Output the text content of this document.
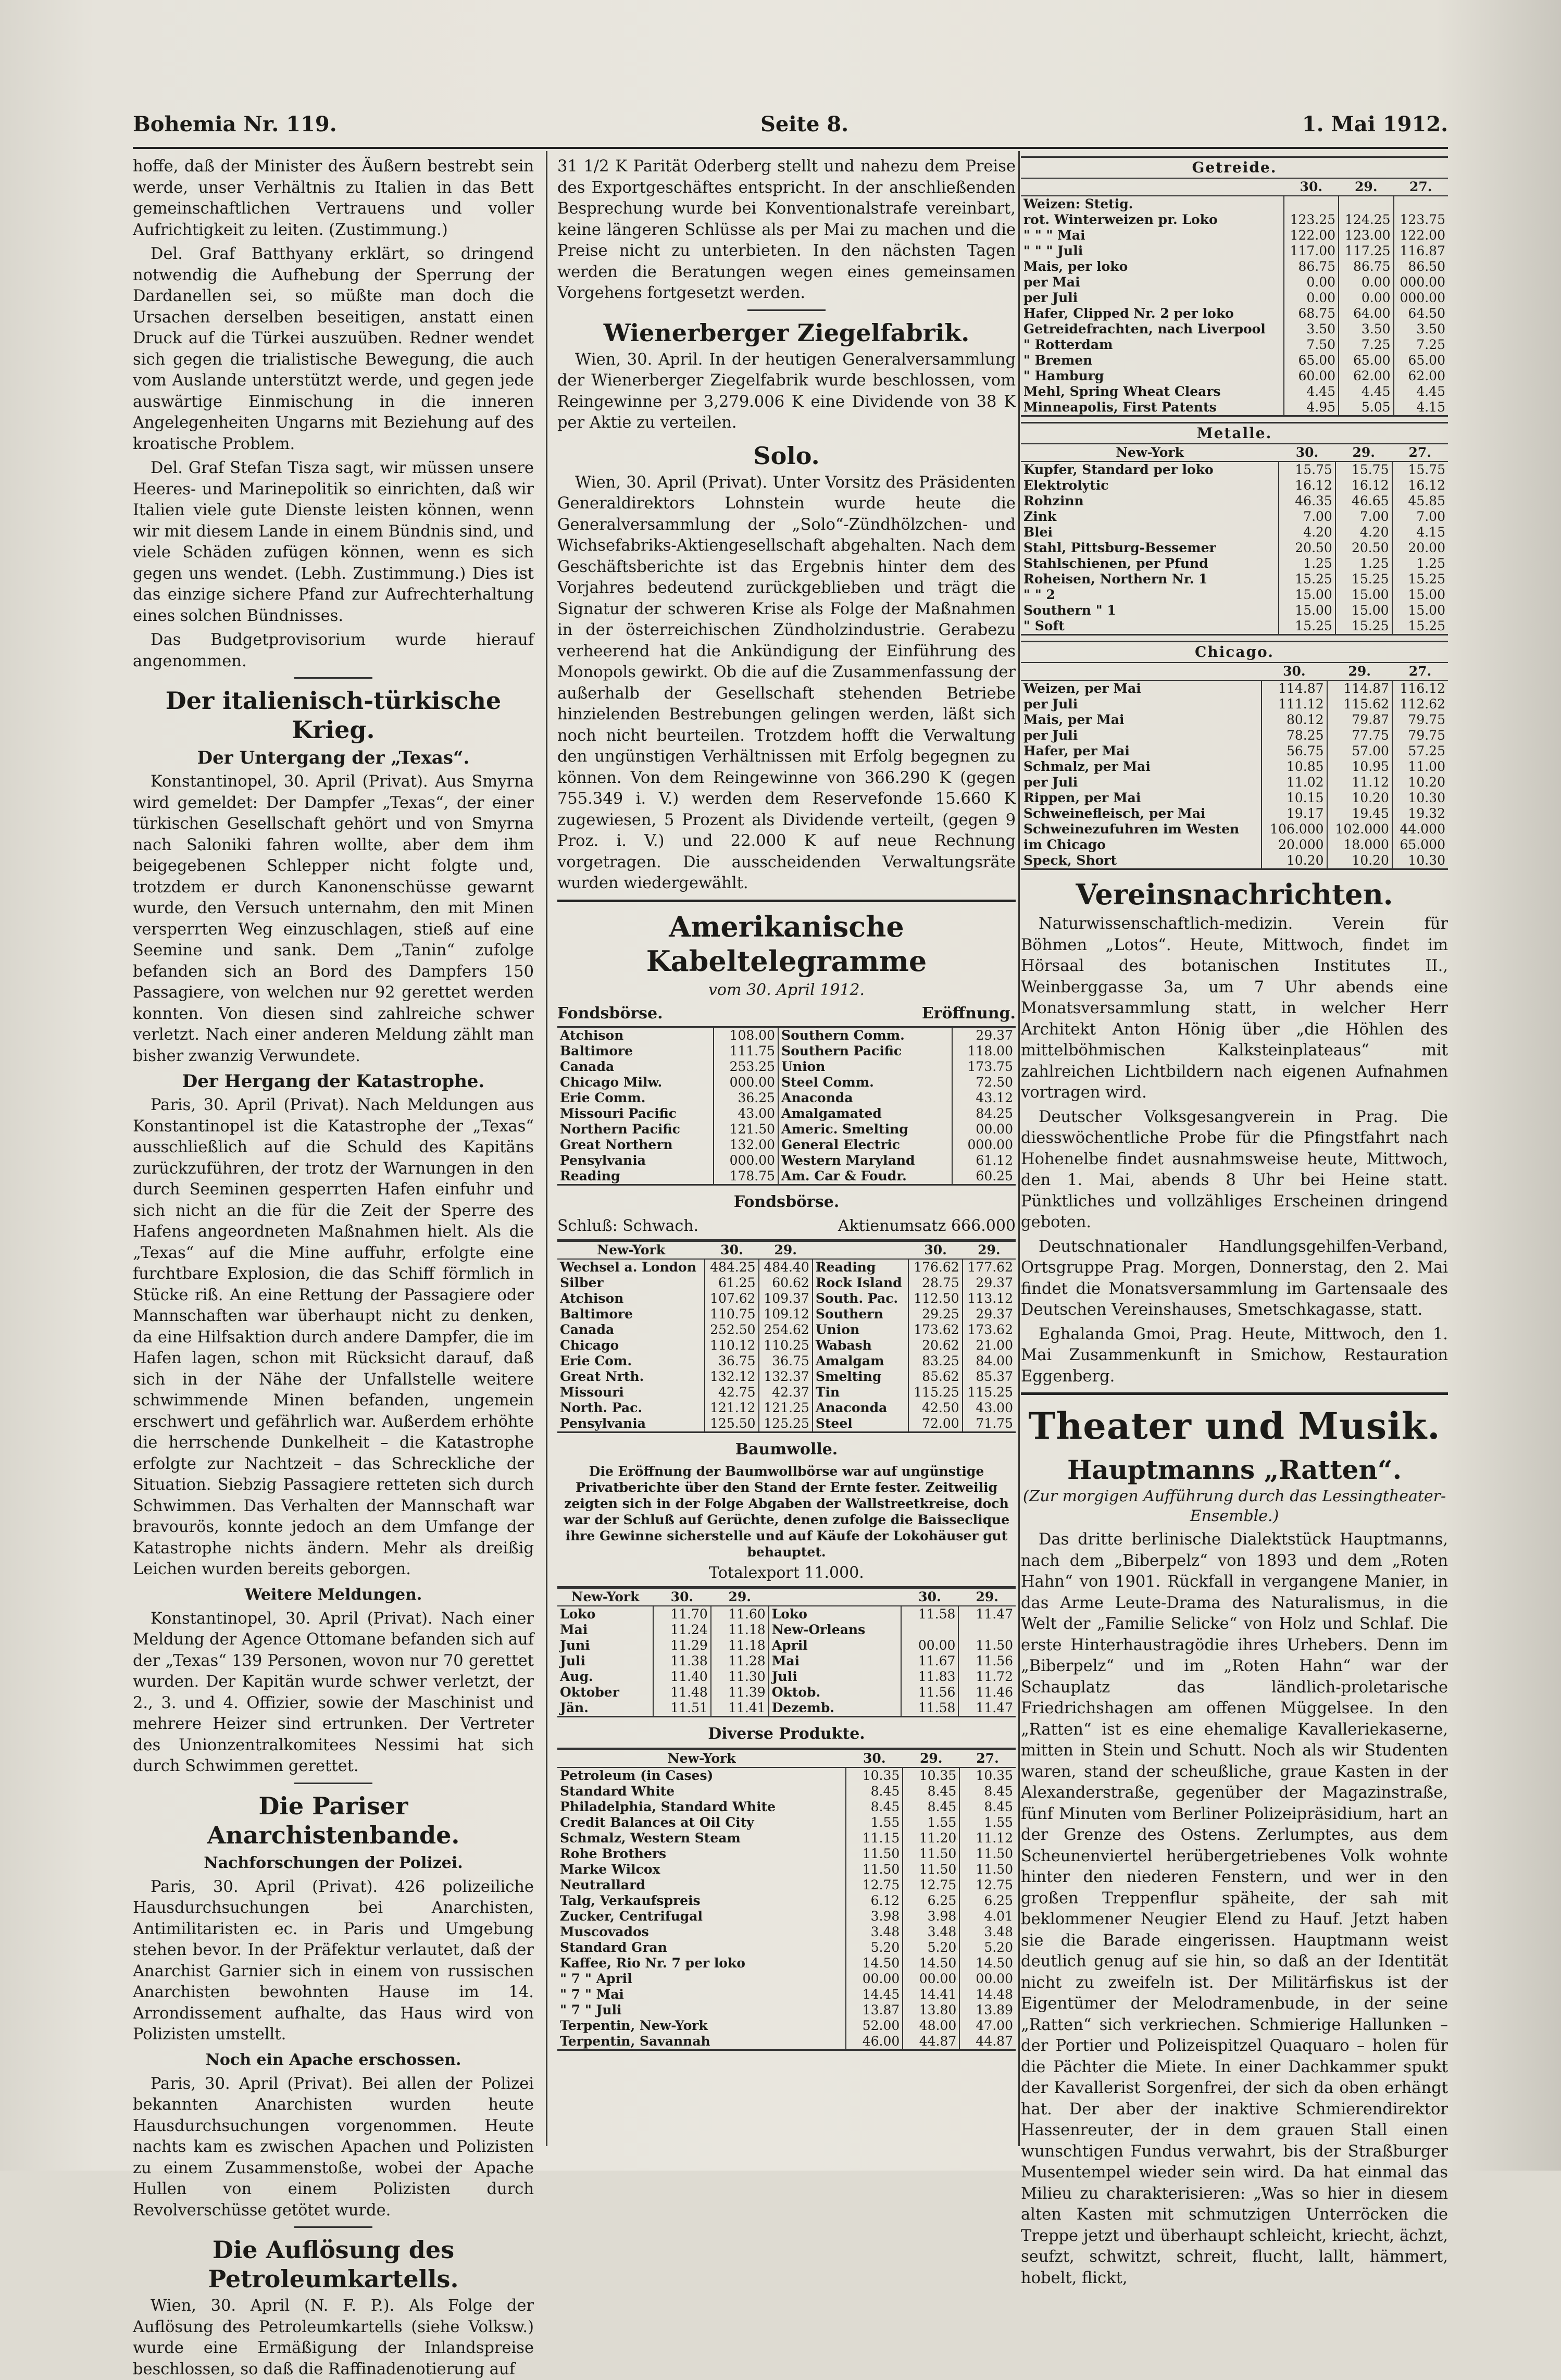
Bohemia Nr. 119.	Seite 8.	1. Mai 1912.

hoffe, daß der Minister des Äußern bestrebt sein werde, unser Verhältnis zu Italien in das Bett gemeinschaftlichen Vertrauens und voller Aufrichtigkeit zu leiten. (Zustimmung.)

Del. Graf Batthyany erklärt, so dringend notwendig die Aufhebung der Sperrung der Dardanellen sei, so müßte man doch die Ursachen derselben beseitigen, anstatt einen Druck auf die Türkei auszuüben. Redner wendet sich gegen die trialistische Bewegung, die auch vom Auslande unterstützt werde, und gegen jede auswärtige Einmischung in die inneren Angelegenheiten Ungarns mit Beziehung auf des kroatische Problem.

Del. Graf Stefan Tisza sagt, wir müssen unsere Heeres- und Marinepolitik so einrichten, daß wir Italien viele gute Dienste leisten können, wenn wir mit diesem Lande in einem Bündnis sind, und viele Schäden zufügen können, wenn es sich gegen uns wendet. (Lebh. Zustimmung.) Dies ist das einzige sichere Pfand zur Aufrechterhaltung eines solchen Bündnisses.

Das Budgetprovisorium wurde hierauf angenommen.

Der italienisch-türkische Krieg.
Der Untergang der „Texas“.

Konstantinopel, 30. April (Privat). Aus Smyrna wird gemeldet: Der Dampfer „Texas“, der einer türkischen Gesellschaft gehört und von Smyrna nach Saloniki fahren wollte, aber dem ihm beigegebenen Schlepper nicht folgte und, trotzdem er durch Kanonenschüsse gewarnt wurde, den Versuch unternahm, den mit Minen versperrten Weg einzuschlagen, stieß auf eine Seemine und sank. Dem „Tanin“ zufolge befanden sich an Bord des Dampfers 150 Passagiere, von welchen nur 92 gerettet werden konnten. Von diesen sind zahlreiche schwer verletzt. Nach einer anderen Meldung zählt man bisher zwanzig Verwundete.

Der Hergang der Katastrophe.

Paris, 30. April (Privat). Nach Meldungen aus Konstantinopel ist die Katastrophe der „Texas“ ausschließlich auf die Schuld des Kapitäns zurückzuführen, der trotz der Warnungen in den durch Seeminen gesperrten Hafen einfuhr und sich nicht an die für die Zeit der Sperre des Hafens angeordneten Maßnahmen hielt. Als die „Texas“ auf die Mine auffuhr, erfolgte eine furchtbare Explosion, die das Schiff förmlich in Stücke riß. An eine Rettung der Passagiere oder Mannschaften war überhaupt nicht zu denken, da eine Hilfsaktion durch andere Dampfer, die im Hafen lagen, schon mit Rücksicht darauf, daß sich in der Nähe der Unfallstelle weitere schwimmende Minen befanden, ungemein erschwert und gefährlich war. Außerdem erhöhte die herrschende Dunkelheit – die Katastrophe erfolgte zur Nachtzeit – das Schreckliche der Situation. Siebzig Passagiere retteten sich durch Schwimmen. Das Verhalten der Mannschaft war bravourös, konnte jedoch an dem Umfange der Katastrophe nichts ändern. Mehr als dreißig Leichen wurden bereits geborgen.

Weitere Meldungen.

Konstantinopel, 30. April (Privat). Nach einer Meldung der Agence Ottomane befanden sich auf der „Texas“ 139 Personen, wovon nur 70 gerettet wurden. Der Kapitän wurde schwer verletzt, der 2., 3. und 4. Offizier, sowie der Maschinist und mehrere Heizer sind ertrunken. Der Vertreter des Unionzentralkomitees Nessimi hat sich durch Schwimmen gerettet.

Die Pariser Anarchistenbande.
Nachforschungen der Polizei.

Paris, 30. April (Privat). 426 polizeiliche Hausdurchsuchungen bei Anarchisten, Antimilitaristen ec. in Paris und Umgebung stehen bevor. In der Präfektur verlautet, daß der Anarchist Garnier sich in einem von russischen Anarchisten bewohnten Hause im 14. Arrondissement aufhalte, das Haus wird von Polizisten umstellt.

Noch ein Apache erschossen.

Paris, 30. April (Privat). Bei allen der Polizei bekannten Anarchisten wurden heute Hausdurchsuchungen vorgenommen. Heute nachts kam es zwischen Apachen und Polizisten zu einem Zusammenstoße, wobei der Apache Hullen von einem Polizisten durch Revolverschüsse getötet wurde.

Die Auflösung des Petroleumkartells.

Wien, 30. April (N. F. P.). Als Folge der Auflösung des Petroleumkartells (siehe Volksw.) wurde eine Ermäßigung der Inlandspreise beschlossen, so daß die Raffinadenotierung auf

31 1/2 K Parität Oderberg stellt und nahezu dem Preise des Exportgeschäftes entspricht. In der anschließenden Besprechung wurde bei Konventionalstrafe vereinbart, keine längeren Schlüsse als per Mai zu machen und die Preise nicht zu unterbieten. In den nächsten Tagen werden die Beratungen wegen eines gemeinsamen Vorgehens fortgesetzt werden.

Wienerberger Ziegelfabrik.

Wien, 30. April. In der heutigen Generalversammlung der Wienerberger Ziegelfabrik wurde beschlossen, vom Reingewinne per 3,279.006 K eine Dividende von 38 K per Aktie zu verteilen.

Solo.

Wien, 30. April (Privat). Unter Vorsitz des Präsidenten Generaldirektors Lohnstein wurde heute die Generalversammlung der „Solo“-Zündhölzchen- und Wichsefabriks-Aktiengesellschaft abgehalten. Nach dem Geschäftsberichte ist das Ergebnis hinter dem des Vorjahres bedeutend zurückgeblieben und trägt die Signatur der schweren Krise als Folge der Maßnahmen in der österreichischen Zündholzindustrie. Gerabezu verheerend hat die Ankündigung der Einführung des Monopols gewirkt. Ob die auf die Zusammenfassung der außerhalb der Gesellschaft stehenden Betriebe hinzielenden Bestrebungen gelingen werden, läßt sich noch nicht beurteilen. Trotzdem hofft die Verwaltung den ungünstigen Verhältnissen mit Erfolg begegnen zu können. Von dem Reingewinne von 366.290 K (gegen 755.349 i. V.) werden dem Reservefonde 15.660 K zugewiesen, 5 Prozent als Dividende verteilt, (gegen 9 Proz. i. V.) und 22.000 K auf neue Rechnung vorgetragen. Die ausscheidenden Verwaltungsräte wurden wiedergewählt.

Amerikanische Kabeltelegramme
vom 30. April 1912.
Fondsbörse.	Eröffnung.
Atchison	108.00	Southern Comm.	29.37
Baltimore	111.75	Southern Pacific	118.00
Canada	253.25	Union	173.75
Chicago Milw.	000.00	Steel Comm.	72.50
Erie Comm.	36.25	Anaconda	43.12
Missouri Pacific	43.00	Amalgamated	84.25
Northern Pacific	121.50	Americ. Smelting	00.00
Great Northern	132.00	General Electric	000.00
Pensylvania	000.00	Western Maryland	61.12
Reading	178.75	Am. Car & Foudr.	60.25
Fondsbörse.
Schluß: Schwach.	Aktienumsatz 666.000
New-York	30.	29.		30.	29.
Wechsel a. London	484.25	484.40	Reading	176.62	177.62
Silber	61.25	60.62	Rock Island	28.75	29.37
Atchison	107.62	109.37	South. Pac.	112.50	113.12
Baltimore	110.75	109.12	Southern	29.25	29.37
Canada	252.50	254.62	Union	173.62	173.62
Chicago	110.12	110.25	Wabash	20.62	21.00
Erie Com.	36.75	36.75	Amalgam	83.25	84.00
Great Nrth.	132.12	132.37	Smelting	85.62	85.37
Missouri	42.75	42.37	Tin	115.25	115.25
North. Pac.	121.12	121.25	Anaconda	42.50	43.00
Pensylvania	125.50	125.25	Steel	72.00	71.75
Baumwolle.

Die Eröffnung der Baumwollbörse war auf ungünstige Privatberichte über den Stand der Ernte fester. Zeitweilig zeigten sich in der Folge Abgaben der Wallstreetkreise, doch war der Schluß auf Gerüchte, denen zufolge die Baisseclique ihre Gewinne sicherstelle und auf Käufe der Lokohäuser gut behauptet.

Totalexport 11.000.
New-York	30.	29.		30.	29.
Loko	11.70	11.60	Loko	11.58	11.47
Mai	11.24	11.18	New-Orleans		
Juni	11.29	11.18	April	00.00	11.50
Juli	11.38	11.28	Mai	11.67	11.56
Aug.	11.40	11.30	Juli	11.83	11.72
Oktober	11.48	11.39	Oktob.	11.56	11.46
Jän.	11.51	11.41	Dezemb.	11.58	11.47
Diverse Produkte.
New-York	30.	29.	27.
Petroleum (in Cases)	10.35	10.35	10.35
Standard White	8.45	8.45	8.45
Philadelphia, Standard White	8.45	8.45	8.45
Credit Balances at Oil City	1.55	1.55	1.55
Schmalz, Western Steam	11.15	11.20	11.12
Rohe Brothers	11.50	11.50	11.50
Marke Wilcox	11.50	11.50	11.50
Neutrallard	12.75	12.75	12.75
Talg, Verkaufspreis	6.12	6.25	6.25
Zucker, Centrifugal	3.98	3.98	4.01
Muscovados	3.48	3.48	3.48
Standard Gran	5.20	5.20	5.20
Kaffee, Rio Nr. 7 per loko	14.50	14.50	14.50
" 7 " April	00.00	00.00	00.00
" 7 " Mai	14.45	14.41	14.48
" 7 " Juli	13.87	13.80	13.89
Terpentin, New-York	52.00	48.00	47.00
Terpentin, Savannah	46.00	44.87	44.87
Getreide.
	30.	29.	27.
Weizen: Stetig.			
rot. Winterweizen pr. Loko	123.25	124.25	123.75
" " " Mai	122.00	123.00	122.00
" " " Juli	117.00	117.25	116.87
Mais, per loko	86.75	86.75	86.50
per Mai	0.00	0.00	000.00
per Juli	0.00	0.00	000.00
Hafer, Clipped Nr. 2 per loko	68.75	64.00	64.50
Getreidefrachten, nach Liverpool	3.50	3.50	3.50
" Rotterdam	7.50	7.25	7.25
" Bremen	65.00	65.00	65.00
" Hamburg	60.00	62.00	62.00
Mehl, Spring Wheat Clears	4.45	4.45	4.45
Minneapolis, First Patents	4.95	5.05	4.15
Metalle.
New-York	30.	29.	27.
Kupfer, Standard per loko	15.75	15.75	15.75
Elektrolytic	16.12	16.12	16.12
Rohzinn	46.35	46.65	45.85
Zink	7.00	7.00	7.00
Blei	4.20	4.20	4.15
Stahl, Pittsburg-Bessemer	20.50	20.50	20.00
Stahlschienen, per Pfund	1.25	1.25	1.25
Roheisen, Northern Nr. 1	15.25	15.25	15.25
" " 2	15.00	15.00	15.00
Southern " 1	15.00	15.00	15.00
" Soft	15.25	15.25	15.25
Chicago.
	30.	29.	27.
Weizen, per Mai	114.87	114.87	116.12
per Juli	111.12	115.62	112.62
Mais, per Mai	80.12	79.87	79.75
per Juli	78.25	77.75	79.75
Hafer, per Mai	56.75	57.00	57.25
Schmalz, per Mai	10.85	10.95	11.00
per Juli	11.02	11.12	10.20
Rippen, per Mai	10.15	10.20	10.30
Schweinefleisch, per Mai	19.17	19.45	19.32
Schweinezufuhren im Westen	106.000	102.000	44.000
im Chicago	20.000	18.000	65.000
Speck, Short	10.20	10.20	10.30
Vereinsnachrichten.

Naturwissenschaftlich-medizin. Verein für Böhmen „Lotos“. Heute, Mittwoch, findet im Hörsaal des botanischen Institutes II., Weinberggasse 3a, um 7 Uhr abends eine Monatsversammlung statt, in welcher Herr Architekt Anton Hönig über „die Höhlen des mittelböhmischen Kalksteinplateaus“ mit zahlreichen Lichtbildern nach eigenen Aufnahmen vortragen wird.

Deutscher Volksgesangverein in Prag. Die diesswöchentliche Probe für die Pfingstfahrt nach Hohenelbe findet ausnahmsweise heute, Mittwoch, den 1. Mai, abends 8 Uhr bei Heine statt. Pünktliches und vollzähliges Erscheinen dringend geboten.

Deutschnationaler Handlungsgehilfen-Verband, Ortsgruppe Prag. Morgen, Donnerstag, den 2. Mai findet die Monatsversammlung im Gartensaale des Deutschen Vereinshauses, Smetschkagasse, statt.

Eghalanda Gmoi, Prag. Heute, Mittwoch, den 1. Mai Zusammenkunft in Smichow, Restauration Eggenberg.

Theater und Musik.
Hauptmanns „Ratten“.
(Zur morgigen Aufführung durch das Lessingtheater-Ensemble.)

Das dritte berlinische Dialektstück Hauptmanns, nach dem „Biberpelz“ von 1893 und dem „Roten Hahn“ von 1901. Rückfall in vergangene Manier, in das Arme Leute-Drama des Naturalismus, in die Welt der „Familie Selicke“ von Holz und Schlaf. Die erste Hinterhaustragödie ihres Urhebers. Denn im „Biberpelz“ und im „Roten Hahn“ war der Schauplatz das ländlich-proletarische Friedrichshagen am offenen Müggelsee. In den „Ratten“ ist es eine ehemalige Kavalleriekaserne, mitten in Stein und Schutt. Noch als wir Studenten waren, stand der scheußliche, graue Kasten in der Alexanderstraße, gegenüber der Magazinstraße, fünf Minuten vom Berliner Polizeipräsidium, hart an der Grenze des Ostens. Zerlumptes, aus dem Scheunenviertel herübergetriebenes Volk wohnte hinter den niederen Fenstern, und wer in den großen Treppenflur späheite, der sah mit beklommener Neugier Elend zu Hauf. Jetzt haben sie die Barade eingerissen. Hauptmann weist deutlich genug auf sie hin, so daß an der Identität nicht zu zweifeln ist. Der Militärfiskus ist der Eigentümer der Melodramenbude, in der seine „Ratten“ sich verkriechen. Schmierige Hallunken – der Portier und Polizeispitzel Quaquaro – holen für die Pächter die Miete. In einer Dachkammer spukt der Kavallerist Sorgenfrei, der sich da oben erhängt hat. Der aber der inaktive Schmierendirektor Hassenreuter, der in dem grauen Stall einen wunschtigen Fundus verwahrt, bis der Straßburger Musentempel wieder sein wird. Da hat einmal das Milieu zu charakterisieren: „Was so hier in diesem alten Kasten mit schmutzigen Unterröcken die Treppe jetzt und überhaupt schleicht, kriecht, ächzt, seufzt, schwitzt, schreit, flucht, lallt, hämmert, hobelt, flickt,
